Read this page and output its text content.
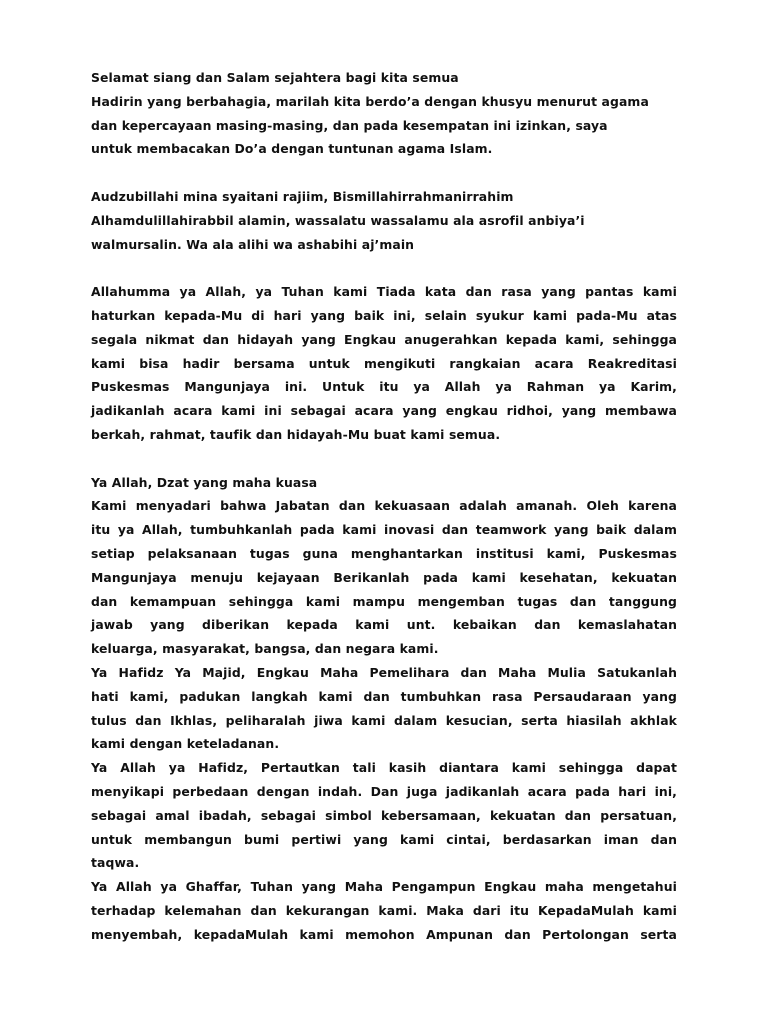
Selamat siang dan Salam sejahtera bagi kita semua
Hadirin yang berbahagia, marilah kita berdo’a dengan khusyu menurut agama
dan kepercayaan masing-masing, dan pada kesempatan ini izinkan, saya
untuk membacakan Do’a dengan tuntunan agama Islam.
Audzubillahi mina syaitani rajiim, Bismillahirrahmanirrahim
Alhamdulillahirabbil alamin, wassalatu wassalamu ala asrofil anbiya’i
walmursalin. Wa ala alihi wa ashabihi aj’main
Allahumma ya Allah, ya Tuhan kami Tiada kata dan rasa yang pantas kami
haturkan kepada-Mu di hari yang baik ini, selain syukur kami pada-Mu atas
segala nikmat dan hidayah yang Engkau anugerahkan kepada kami, sehingga
kami bisa hadir bersama untuk mengikuti rangkaian acara Reakreditasi
Puskesmas Mangunjaya ini. Untuk itu ya Allah ya Rahman ya Karim,
jadikanlah acara kami ini sebagai acara yang engkau ridhoi, yang membawa
berkah, rahmat, taufik dan hidayah-Mu buat kami semua.
Ya Allah, Dzat yang maha kuasa
Kami menyadari bahwa Jabatan dan kekuasaan adalah amanah. Oleh karena
itu ya Allah, tumbuhkanlah pada kami inovasi dan teamwork yang baik dalam
setiap pelaksanaan tugas guna menghantarkan institusi kami, Puskesmas
Mangunjaya menuju kejayaan Berikanlah pada kami kesehatan, kekuatan
dan kemampuan sehingga kami mampu mengemban tugas dan tanggung
jawab yang diberikan kepada kami unt. kebaikan dan kemaslahatan
keluarga, masyarakat, bangsa, dan negara kami.
Ya Hafidz Ya Majid, Engkau Maha Pemelihara dan Maha Mulia Satukanlah
hati kami, padukan langkah kami dan tumbuhkan rasa Persaudaraan yang
tulus dan Ikhlas, peliharalah jiwa kami dalam kesucian, serta hiasilah akhlak
kami dengan keteladanan.
Ya Allah ya Hafidz, Pertautkan tali kasih diantara kami sehingga dapat
menyikapi perbedaan dengan indah. Dan juga jadikanlah acara pada hari ini,
sebagai amal ibadah, sebagai simbol kebersamaan, kekuatan dan persatuan,
untuk membangun bumi pertiwi yang kami cintai, berdasarkan iman dan
taqwa.
Ya Allah ya Ghaffar, Tuhan yang Maha Pengampun Engkau maha mengetahui
terhadap kelemahan dan kekurangan kami. Maka dari itu KepadaMulah kami
menyembah, kepadaMulah kami memohon Ampunan dan Pertolongan serta
